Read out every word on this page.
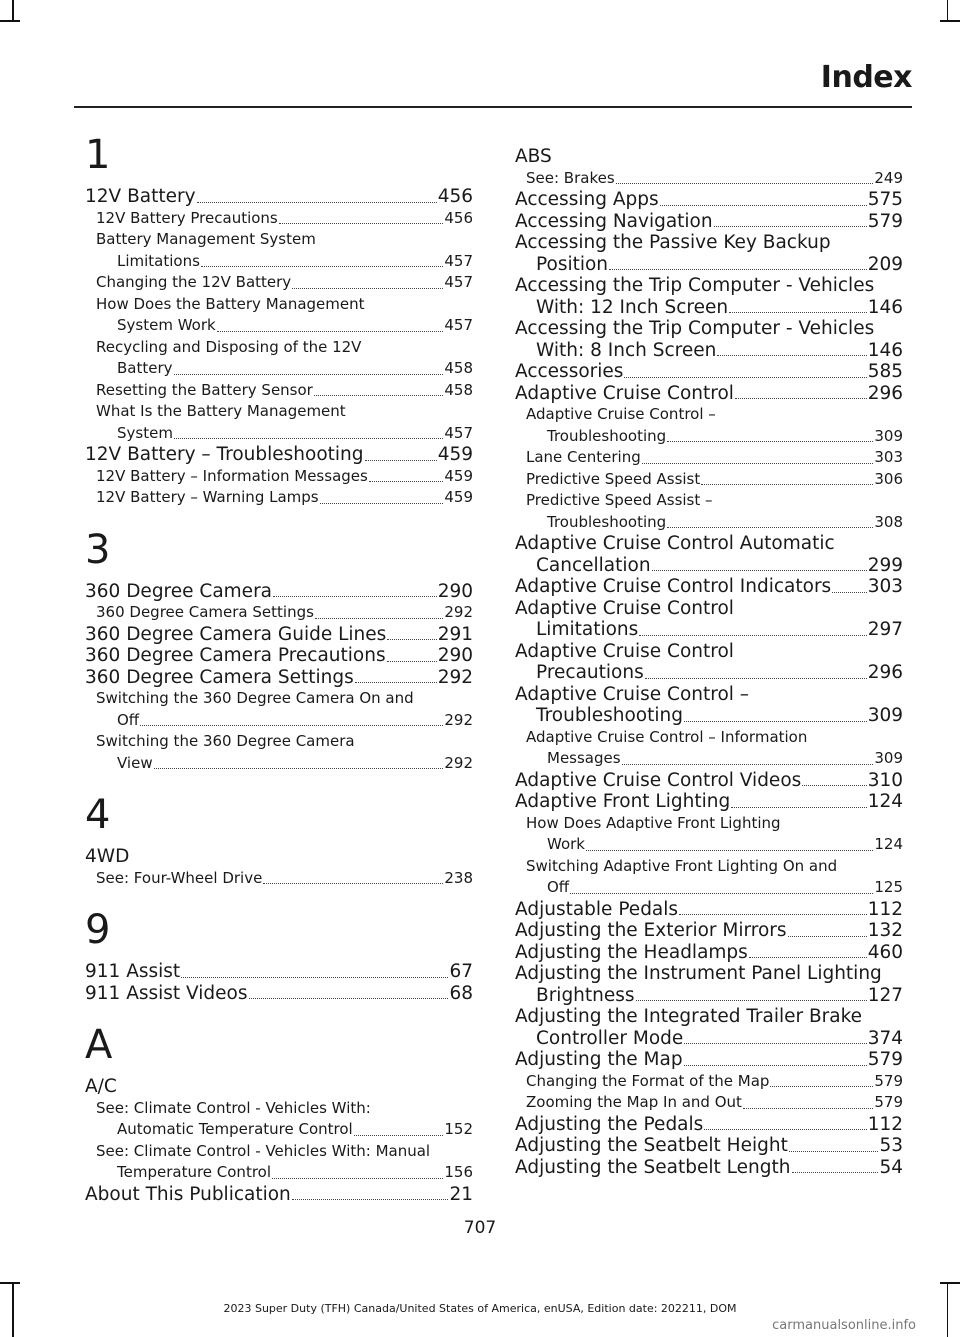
Index
1
12V Battery	456
12V Battery Precautions	456
Battery Management System
Limitations	457
Changing the 12V Battery	457
How Does the Battery Management
System Work	457
Recycling and Disposing of the 12V
Battery	458
Resetting the Battery Sensor	458
What Is the Battery Management
System	457
12V Battery – Troubleshooting	459
12V Battery – Information Messages	459
12V Battery – Warning Lamps	459
3
360 Degree Camera	290
360 Degree Camera Settings	292
360 Degree Camera Guide Lines	291
360 Degree Camera Precautions	290
360 Degree Camera Settings	292
Switching the 360 Degree Camera On and
Off	292
Switching the 360 Degree Camera
View	292
4
4WD
See: Four-Wheel Drive	238
9
911 Assist	67
911 Assist Videos	68
A
A/C
See: Climate Control - Vehicles With:
Automatic Temperature Control	152
See: Climate Control - Vehicles With: Manual
Temperature Control	156
About This Publication	21
ABS
See: Brakes	249
Accessing Apps	575
Accessing Navigation	579
Accessing the Passive Key Backup
Position	209
Accessing the Trip Computer - Vehicles
With: 12 Inch Screen	146
Accessing the Trip Computer - Vehicles
With: 8 Inch Screen	146
Accessories	585
Adaptive Cruise Control	296
Adaptive Cruise Control –
Troubleshooting	309
Lane Centering	303
Predictive Speed Assist	306
Predictive Speed Assist –
Troubleshooting	308
Adaptive Cruise Control Automatic
Cancellation	299
Adaptive Cruise Control Indicators 303
Adaptive Cruise Control
Limitations	297
Adaptive Cruise Control
Precautions	296
Adaptive Cruise Control –
Troubleshooting	309
Adaptive Cruise Control – Information
Messages	309
Adaptive Cruise Control Videos	310
Adaptive Front Lighting	124
How Does Adaptive Front Lighting
Work	124
Switching Adaptive Front Lighting On and
Off	125
Adjustable Pedals	112
Adjusting the Exterior Mirrors	132
Adjusting the Headlamps	460
Adjusting the Instrument Panel Lighting
Brightness	127
Adjusting the Integrated Trailer Brake
Controller Mode	374
Adjusting the Map	579
Changing the Format of the Map	579
Zooming the Map In and Out	579
Adjusting the Pedals	112
Adjusting the Seatbelt Height	53
Adjusting the Seatbelt Length	54
707
2023 Super Duty (TFH) Canada/United States of America, enUSA, Edition date: 202211, DOM
carmanualsonline.info
